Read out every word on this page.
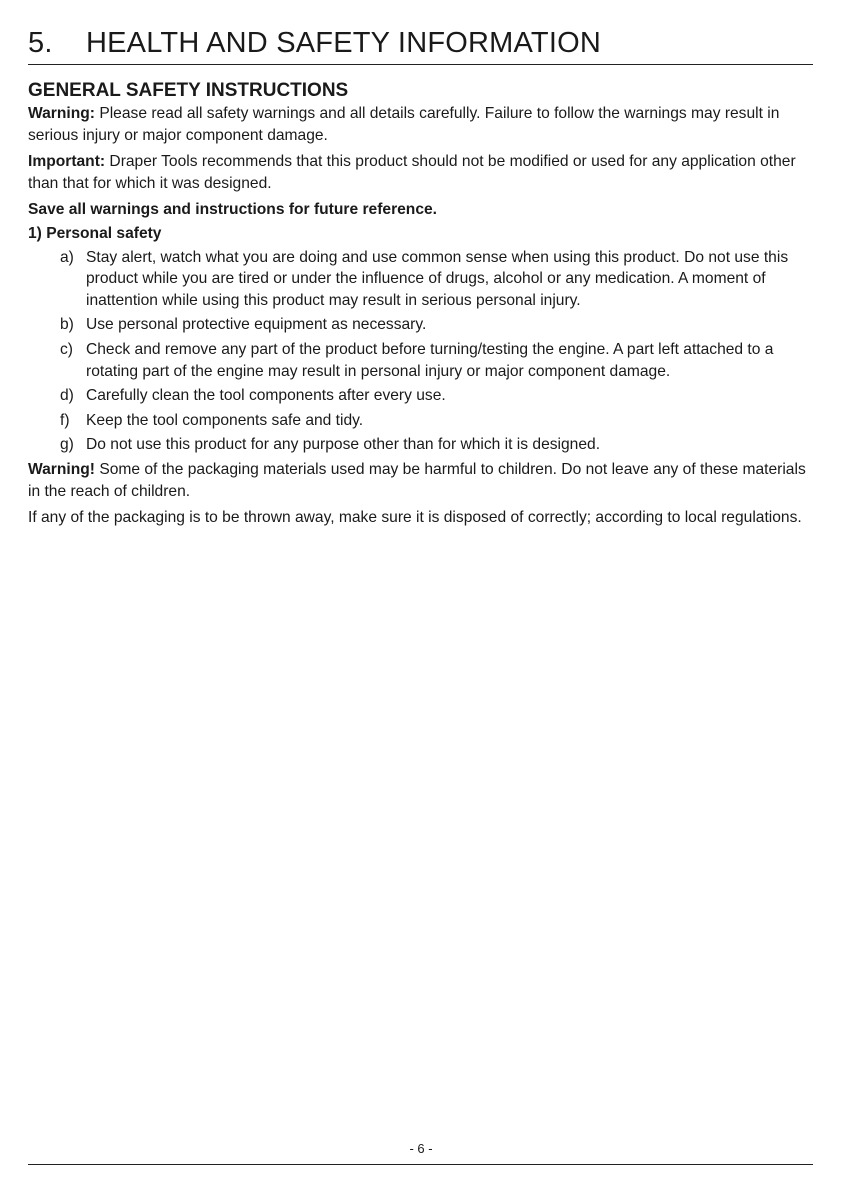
5. HEALTH AND SAFETY INFORMATION
GENERAL SAFETY INSTRUCTIONS

Warning: Please read all safety warnings and all details carefully. Failure to follow the warnings may result in serious injury or major component damage.

Important: Draper Tools recommends that this product should not be modified or used for any application other than that for which it was designed.

Save all warnings and instructions for future reference.
1) Personal safety
a) Stay alert, watch what you are doing and use common sense when using this product. Do not use this product while you are tired or under the influence of drugs, alcohol or any medication. A moment of inattention while using this product may result in serious personal injury.
b) Use personal protective equipment as necessary.
c) Check and remove any part of the product before turning/testing the engine. A part left attached to a rotating part of the engine may result in personal injury or major component damage.
d) Carefully clean the tool components after every use.
f) Keep the tool components safe and tidy.
g) Do not use this product for any purpose other than for which it is designed.

Warning! Some of the packaging materials used may be harmful to children. Do not leave any of these materials in the reach of children.

If any of the packaging is to be thrown away, make sure it is disposed of correctly; according to local regulations.

- 6 -
